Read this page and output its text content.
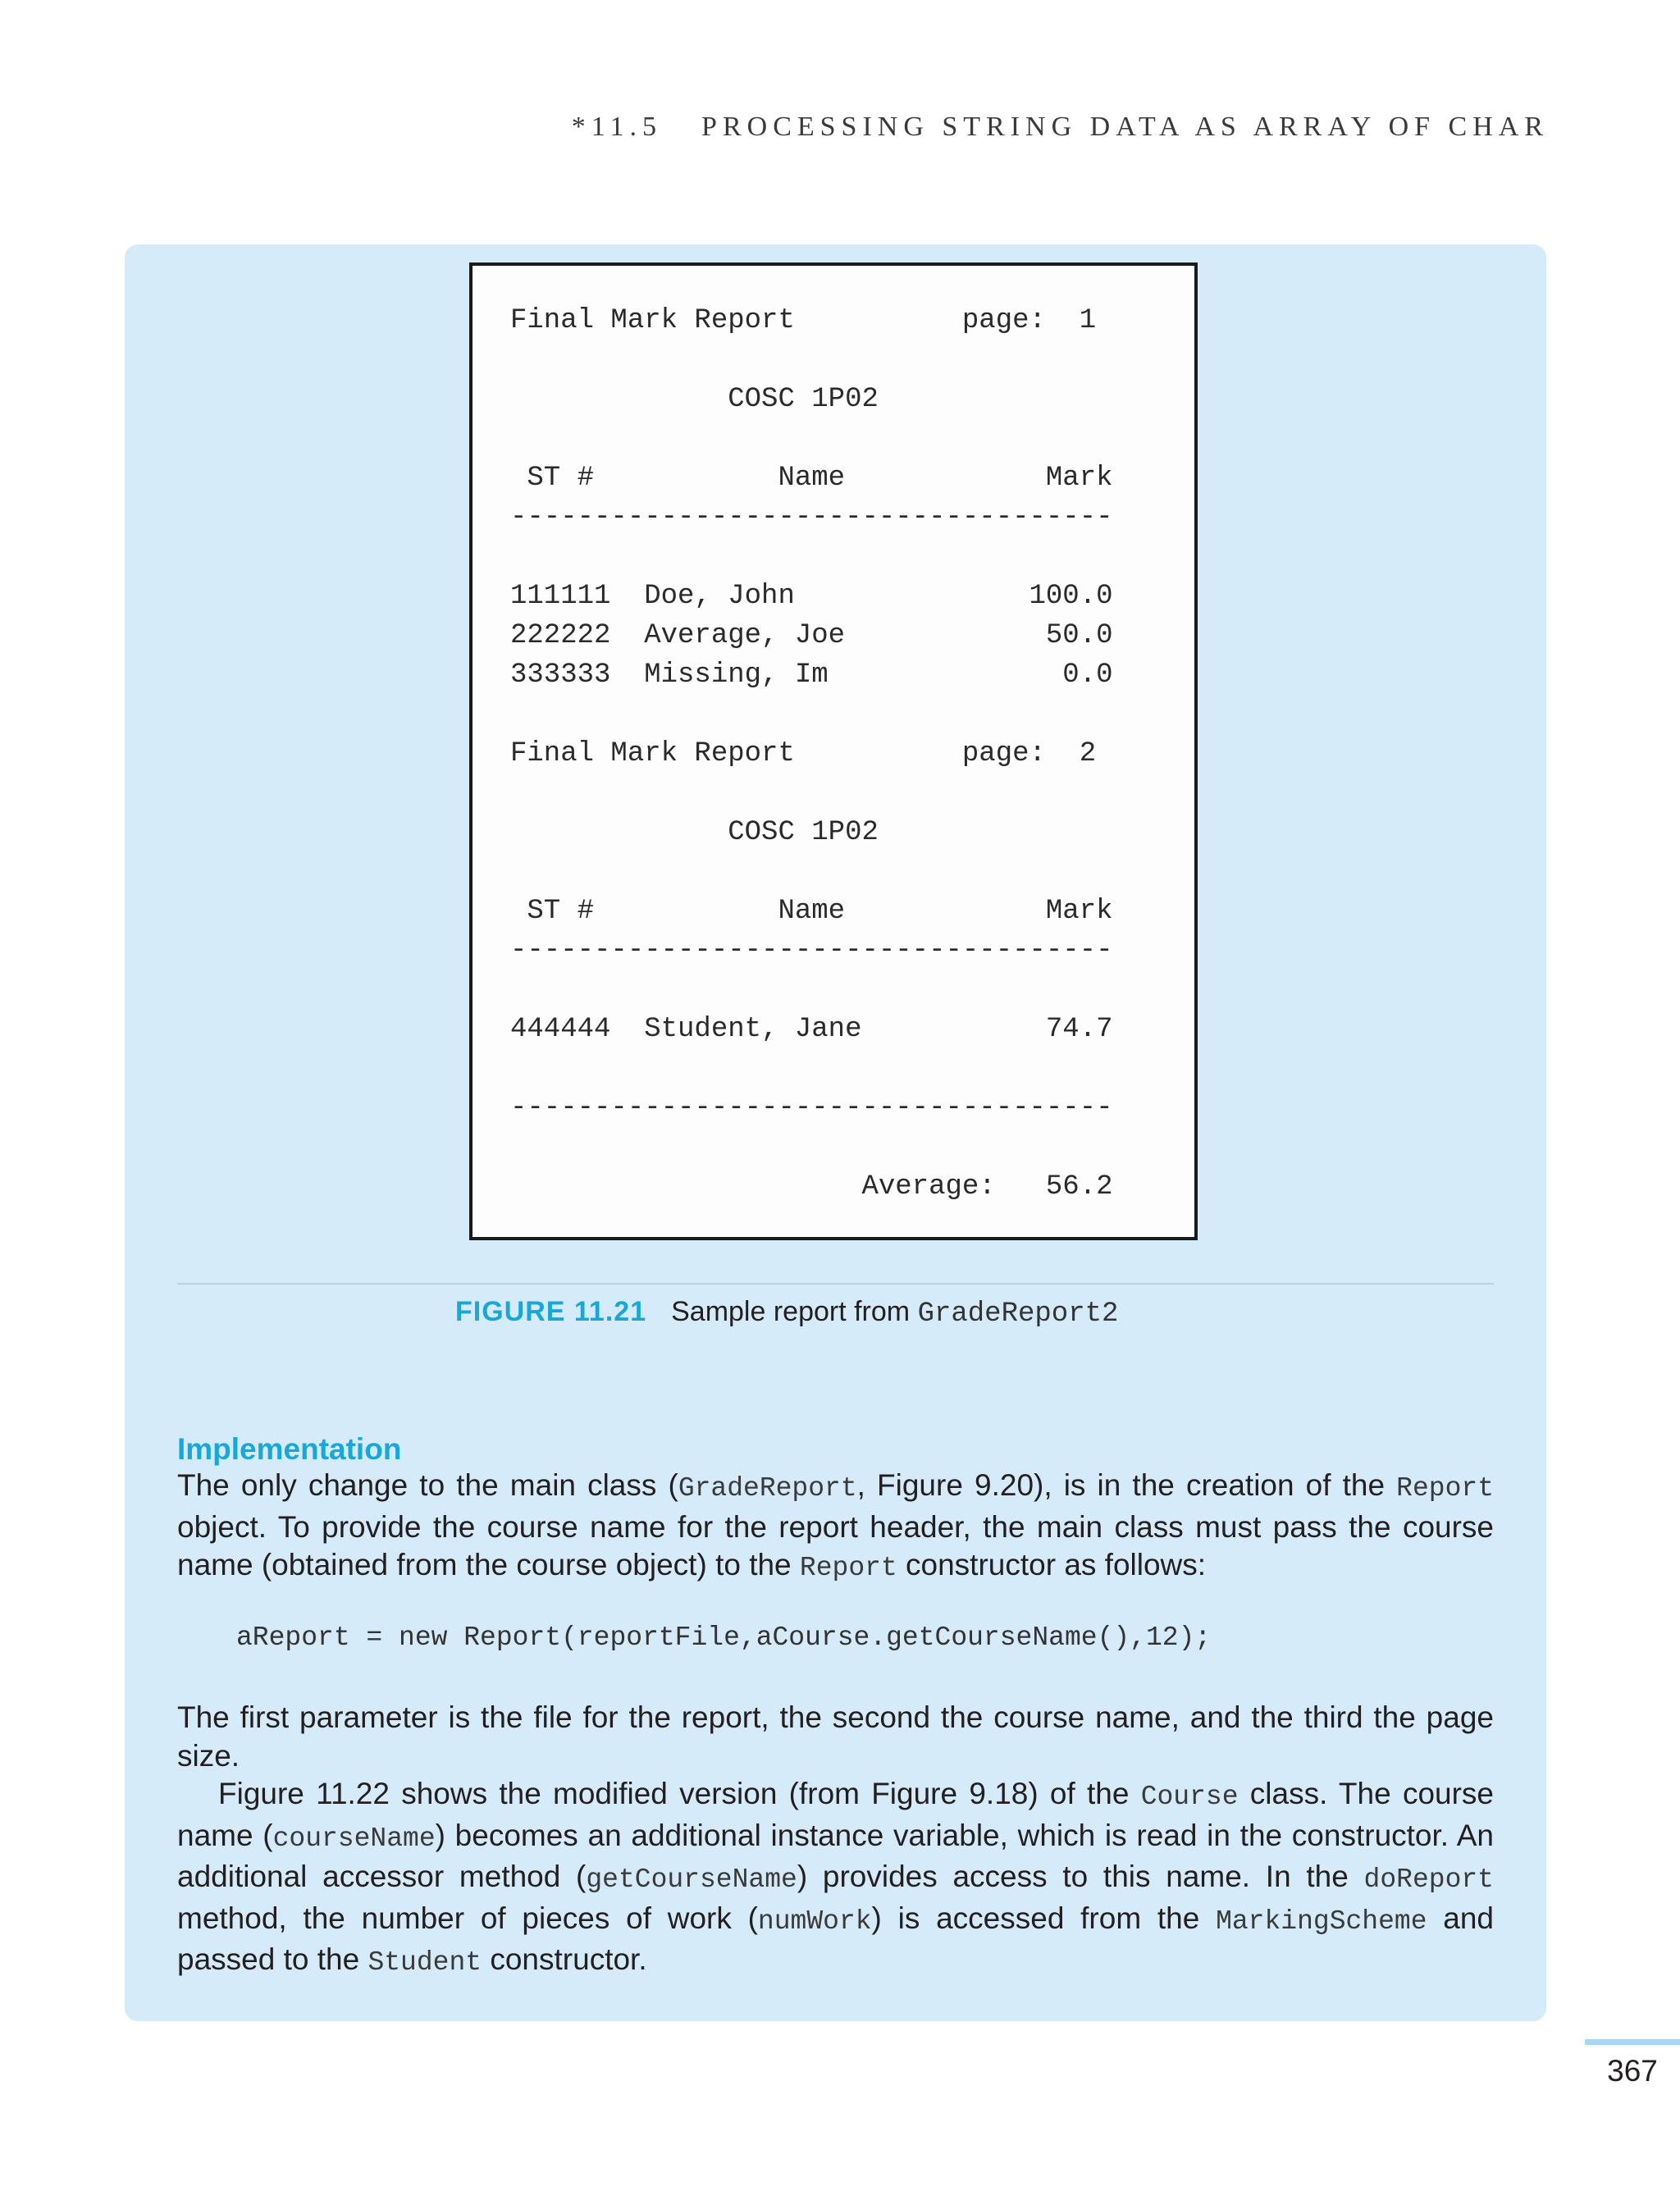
*11.5 PROCESSING STRING DATA AS ARRAY OF CHAR
Final Mark Report          page:  1
COSC 1P02
ST #           Name            Mark
------------------------------------
111111  Doe, John              100.0
222222  Average, Joe            50.0
333333  Missing, Im              0.0
Final Mark Report          page:  2
COSC 1P02
ST #           Name            Mark
------------------------------------
444444  Student, Jane           74.7
------------------------------------
Average:   56.2
FIGURE 11.21 Sample report from GradeReport2
Implementation
The only change to the main class (GradeReport, Figure 9.20), is in the creation of the Report object. To provide the course name for the report header, the main class must pass the course name (obtained from the course object) to the Report constructor as follows:
aReport = new Report(reportFile,aCourse.getCourseName(),12);
The first parameter is the file for the report, the second the course name, and the third the page size.
Figure 11.22 shows the modified version (from Figure 9.18) of the Course class. The course name (courseName) becomes an additional instance variable, which is read in the constructor. An additional accessor method (getCourseName) provides access to this name. In the doReport method, the number of pieces of work (numWork) is accessed from the MarkingScheme and passed to the Student constructor.
367
